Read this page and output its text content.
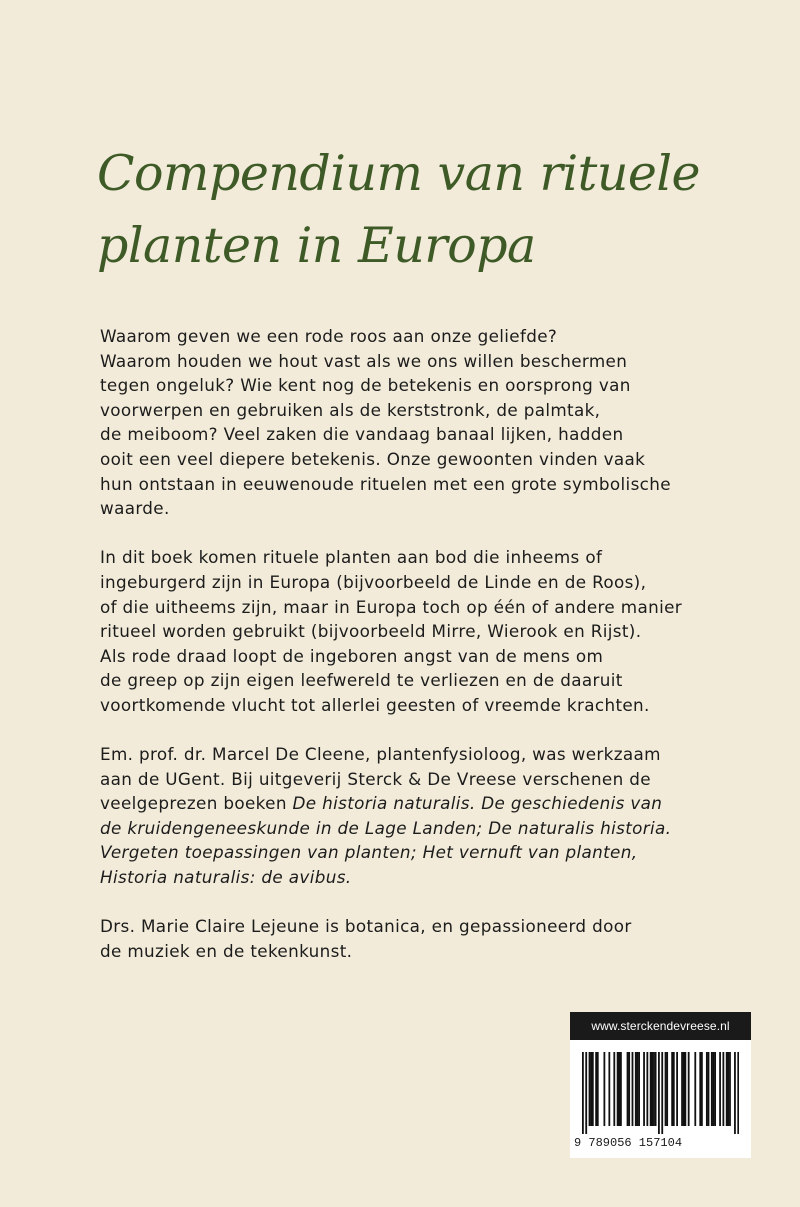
Compendium van rituele
planten in Europa
Waarom geven we een rode roos aan onze geliefde?
Waarom houden we hout vast als we ons willen beschermen
tegen ongeluk? Wie kent nog de betekenis en oorsprong van
voorwerpen en gebruiken als de kerststronk, de palmtak,
de meiboom? Veel zaken die vandaag banaal lijken, hadden
ooit een veel diepere betekenis. Onze gewoonten vinden vaak
hun ontstaan in eeuwenoude rituelen met een grote symbolische
waarde.
In dit boek komen rituele planten aan bod die inheems of
ingeburgerd zijn in Europa (bijvoorbeeld de Linde en de Roos),
of die uitheems zijn, maar in Europa toch op één of andere manier
ritueel worden gebruikt (bijvoorbeeld Mirre, Wierook en Rijst).
Als rode draad loopt de ingeboren angst van de mens om
de greep op zijn eigen leefwereld te verliezen en de daaruit
voortkomende vlucht tot allerlei geesten of vreemde krachten.
Em. prof. dr. Marcel De Cleene, plantenfysioloog, was werkzaam
aan de UGent. Bij uitgeverij Sterck & De Vreese verschenen de
veelgeprezen boeken De historia naturalis. De geschiedenis van
de kruidengeneeskunde in de Lage Landen; De naturalis historia.
Vergeten toepassingen van planten; Het vernuft van planten,
Historia naturalis: de avibus.
Drs. Marie Claire Lejeune is botanica, en gepassioneerd door
de muziek en de tekenkunst.
www.sterckendevreese.nl
9 789056 157104
